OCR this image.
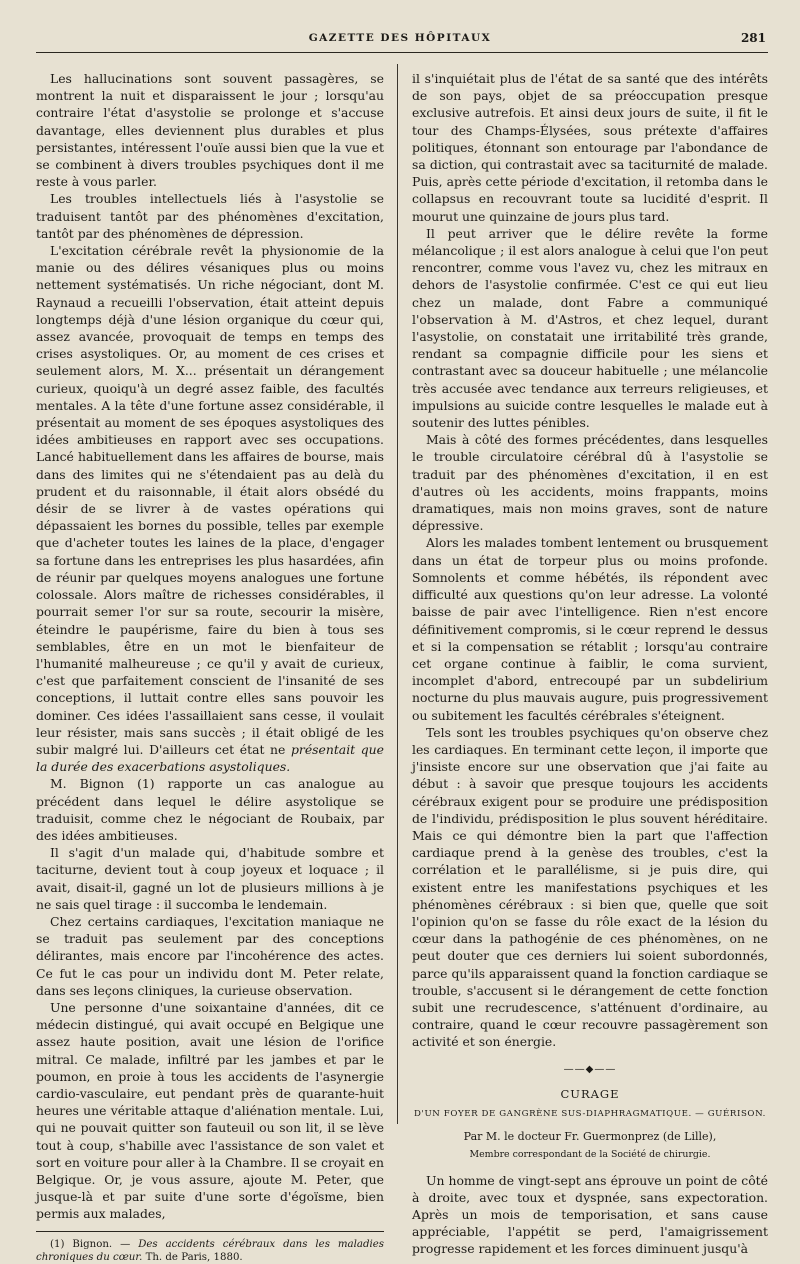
GAZETTE DES HÔPITAUX	281

Les hallucinations sont souvent passagères, se montrent la nuit et disparaissent le jour ; lorsqu'au contraire l'état d'asystolie se prolonge et s'accuse davantage, elles deviennent plus durables et plus persistantes, intéressent l'ouïe aussi bien que la vue et se combinent à divers troubles psychiques dont il me reste à vous parler.

Les troubles intellectuels liés à l'asystolie se traduisent tantôt par des phénomènes d'excitation, tantôt par des phénomènes de dépression.

L'excitation cérébrale revêt la physionomie de la manie ou des délires vésaniques plus ou moins nettement systématisés. Un riche négociant, dont M. Raynaud a recueilli l'observation, était atteint depuis longtemps déjà d'une lésion organique du cœur qui, assez avancée, provoquait de temps en temps des crises asystoliques. Or, au moment de ces crises et seulement alors, M. X... présentait un dérangement curieux, quoiqu'à un degré assez faible, des facultés mentales. A la tête d'une fortune assez considérable, il présentait au moment de ses époques asystoliques des idées ambitieuses en rapport avec ses occupations. Lancé habituellement dans les affaires de bourse, mais dans des limites qui ne s'étendaient pas au delà du prudent et du raisonnable, il était alors obsédé du désir de se livrer à de vastes opérations qui dépassaient les bornes du possible, telles par exemple que d'acheter toutes les laines de la place, d'engager sa fortune dans les entreprises les plus hasardées, afin de réunir par quelques moyens analogues une fortune colossale. Alors maître de richesses considérables, il pourrait semer l'or sur sa route, secourir la misère, éteindre le paupérisme, faire du bien à tous ses semblables, être en un mot le bienfaiteur de l'humanité malheureuse ; ce qu'il y avait de curieux, c'est que parfaitement conscient de l'insanité de ses conceptions, il luttait contre elles sans pouvoir les dominer. Ces idées l'assaillaient sans cesse, il voulait leur résister, mais sans succès ; il était obligé de les subir malgré lui. D'ailleurs cet état ne présentait que la durée des exacerbations asystoliques.

M. Bignon (1) rapporte un cas analogue au précédent dans lequel le délire asystolique se traduisit, comme chez le négociant de Roubaix, par des idées ambitieuses.

Il s'agit d'un malade qui, d'habitude sombre et taciturne, devient tout à coup joyeux et loquace ; il avait, disait-il, gagné un lot de plusieurs millions à je ne sais quel tirage : il succomba le lendemain.

Chez certains cardiaques, l'excitation maniaque ne se traduit pas seulement par des conceptions délirantes, mais encore par l'incohérence des actes. Ce fut le cas pour un individu dont M. Peter relate, dans ses leçons cliniques, la curieuse observation.

Une personne d'une soixantaine d'années, dit ce médecin distingué, qui avait occupé en Belgique une assez haute position, avait une lésion de l'orifice mitral. Ce malade, infiltré par les jambes et par le poumon, en proie à tous les accidents de l'asynergie cardio-vasculaire, eut pendant près de quarante-huit heures une véritable attaque d'aliénation mentale. Lui, qui ne pouvait quitter son fauteuil ou son lit, il se lève tout à coup, s'habille avec l'assistance de son valet et sort en voiture pour aller à la Chambre. Il se croyait en Belgique. Or, je vous assure, ajoute M. Peter, que jusque-là et par suite d'une sorte d'égoïsme, bien permis aux malades,

(1) Bignon. — Des accidents cérébraux dans les maladies chroniques du cœur. Th. de Paris, 1880.

il s'inquiétait plus de l'état de sa santé que des intérêts de son pays, objet de sa préoccupation presque exclusive autrefois. Et ainsi deux jours de suite, il fit le tour des Champs-Élysées, sous prétexte d'affaires politiques, étonnant son entourage par l'abondance de sa diction, qui contrastait avec sa taciturnité de malade. Puis, après cette période d'excitation, il retomba dans le collapsus en recouvrant toute sa lucidité d'esprit. Il mourut une quinzaine de jours plus tard.

Il peut arriver que le délire revête la forme mélancolique ; il est alors analogue à celui que l'on peut rencontrer, comme vous l'avez vu, chez les mitraux en dehors de l'asystolie confirmée. C'est ce qui eut lieu chez un malade, dont Fabre a communiqué l'observation à M. d'Astros, et chez lequel, durant l'asystolie, on constatait une irritabilité très grande, rendant sa compagnie difficile pour les siens et contrastant avec sa douceur habituelle ; une mélancolie très accusée avec tendance aux terreurs religieuses, et impulsions au suicide contre lesquelles le malade eut à soutenir des luttes pénibles.

Mais à côté des formes précédentes, dans lesquelles le trouble circulatoire cérébral dû à l'asystolie se traduit par des phénomènes d'excitation, il en est d'autres où les accidents, moins frappants, moins dramatiques, mais non moins graves, sont de nature dépressive.

Alors les malades tombent lentement ou brusquement dans un état de torpeur plus ou moins profonde. Somnolents et comme hébétés, ils répondent avec difficulté aux questions qu'on leur adresse. La volonté baisse de pair avec l'intelligence. Rien n'est encore définitivement compromis, si le cœur reprend le dessus et si la compensation se rétablit ; lorsqu'au contraire cet organe continue à faiblir, le coma survient, incomplet d'abord, entrecoupé par un subdelirium nocturne du plus mauvais augure, puis progressivement ou subitement les facultés cérébrales s'éteignent.

Tels sont les troubles psychiques qu'on observe chez les cardiaques. En terminant cette leçon, il importe que j'insiste encore sur une observation que j'ai faite au début : à savoir que presque toujours les accidents cérébraux exigent pour se produire une prédisposition de l'individu, prédisposition le plus souvent héréditaire. Mais ce qui démontre bien la part que l'affection cardiaque prend à la genèse des troubles, c'est la corrélation et le parallélisme, si je puis dire, qui existent entre les manifestations psychiques et les phénomènes cérébraux : si bien que, quelle que soit l'opinion qu'on se fasse du rôle exact de la lésion du cœur dans la pathogénie de ces phénomènes, on ne peut douter que ces derniers lui soient subordonnés, parce qu'ils apparaissent quand la fonction cardiaque se trouble, s'accusent si le dérangement de cette fonction subit une recrudescence, s'atténuent d'ordinaire, au contraire, quand le cœur recouvre passagèrement son activité et son énergie.

——◆——
CURAGE
D'UN FOYER DE GANGRÈNE SUS-DIAPHRAGMATIQUE. — GUÉRISON.
Par M. le docteur Fr. Guermonprez (de Lille),
Membre correspondant de la Société de chirurgie.

Un homme de vingt-sept ans éprouve un point de côté à droite, avec toux et dyspnée, sans expectoration. Après un mois de temporisation, et sans cause appréciable, l'appétit se perd, l'amaigrissement progresse rapidement et les forces diminuent jusqu'à
